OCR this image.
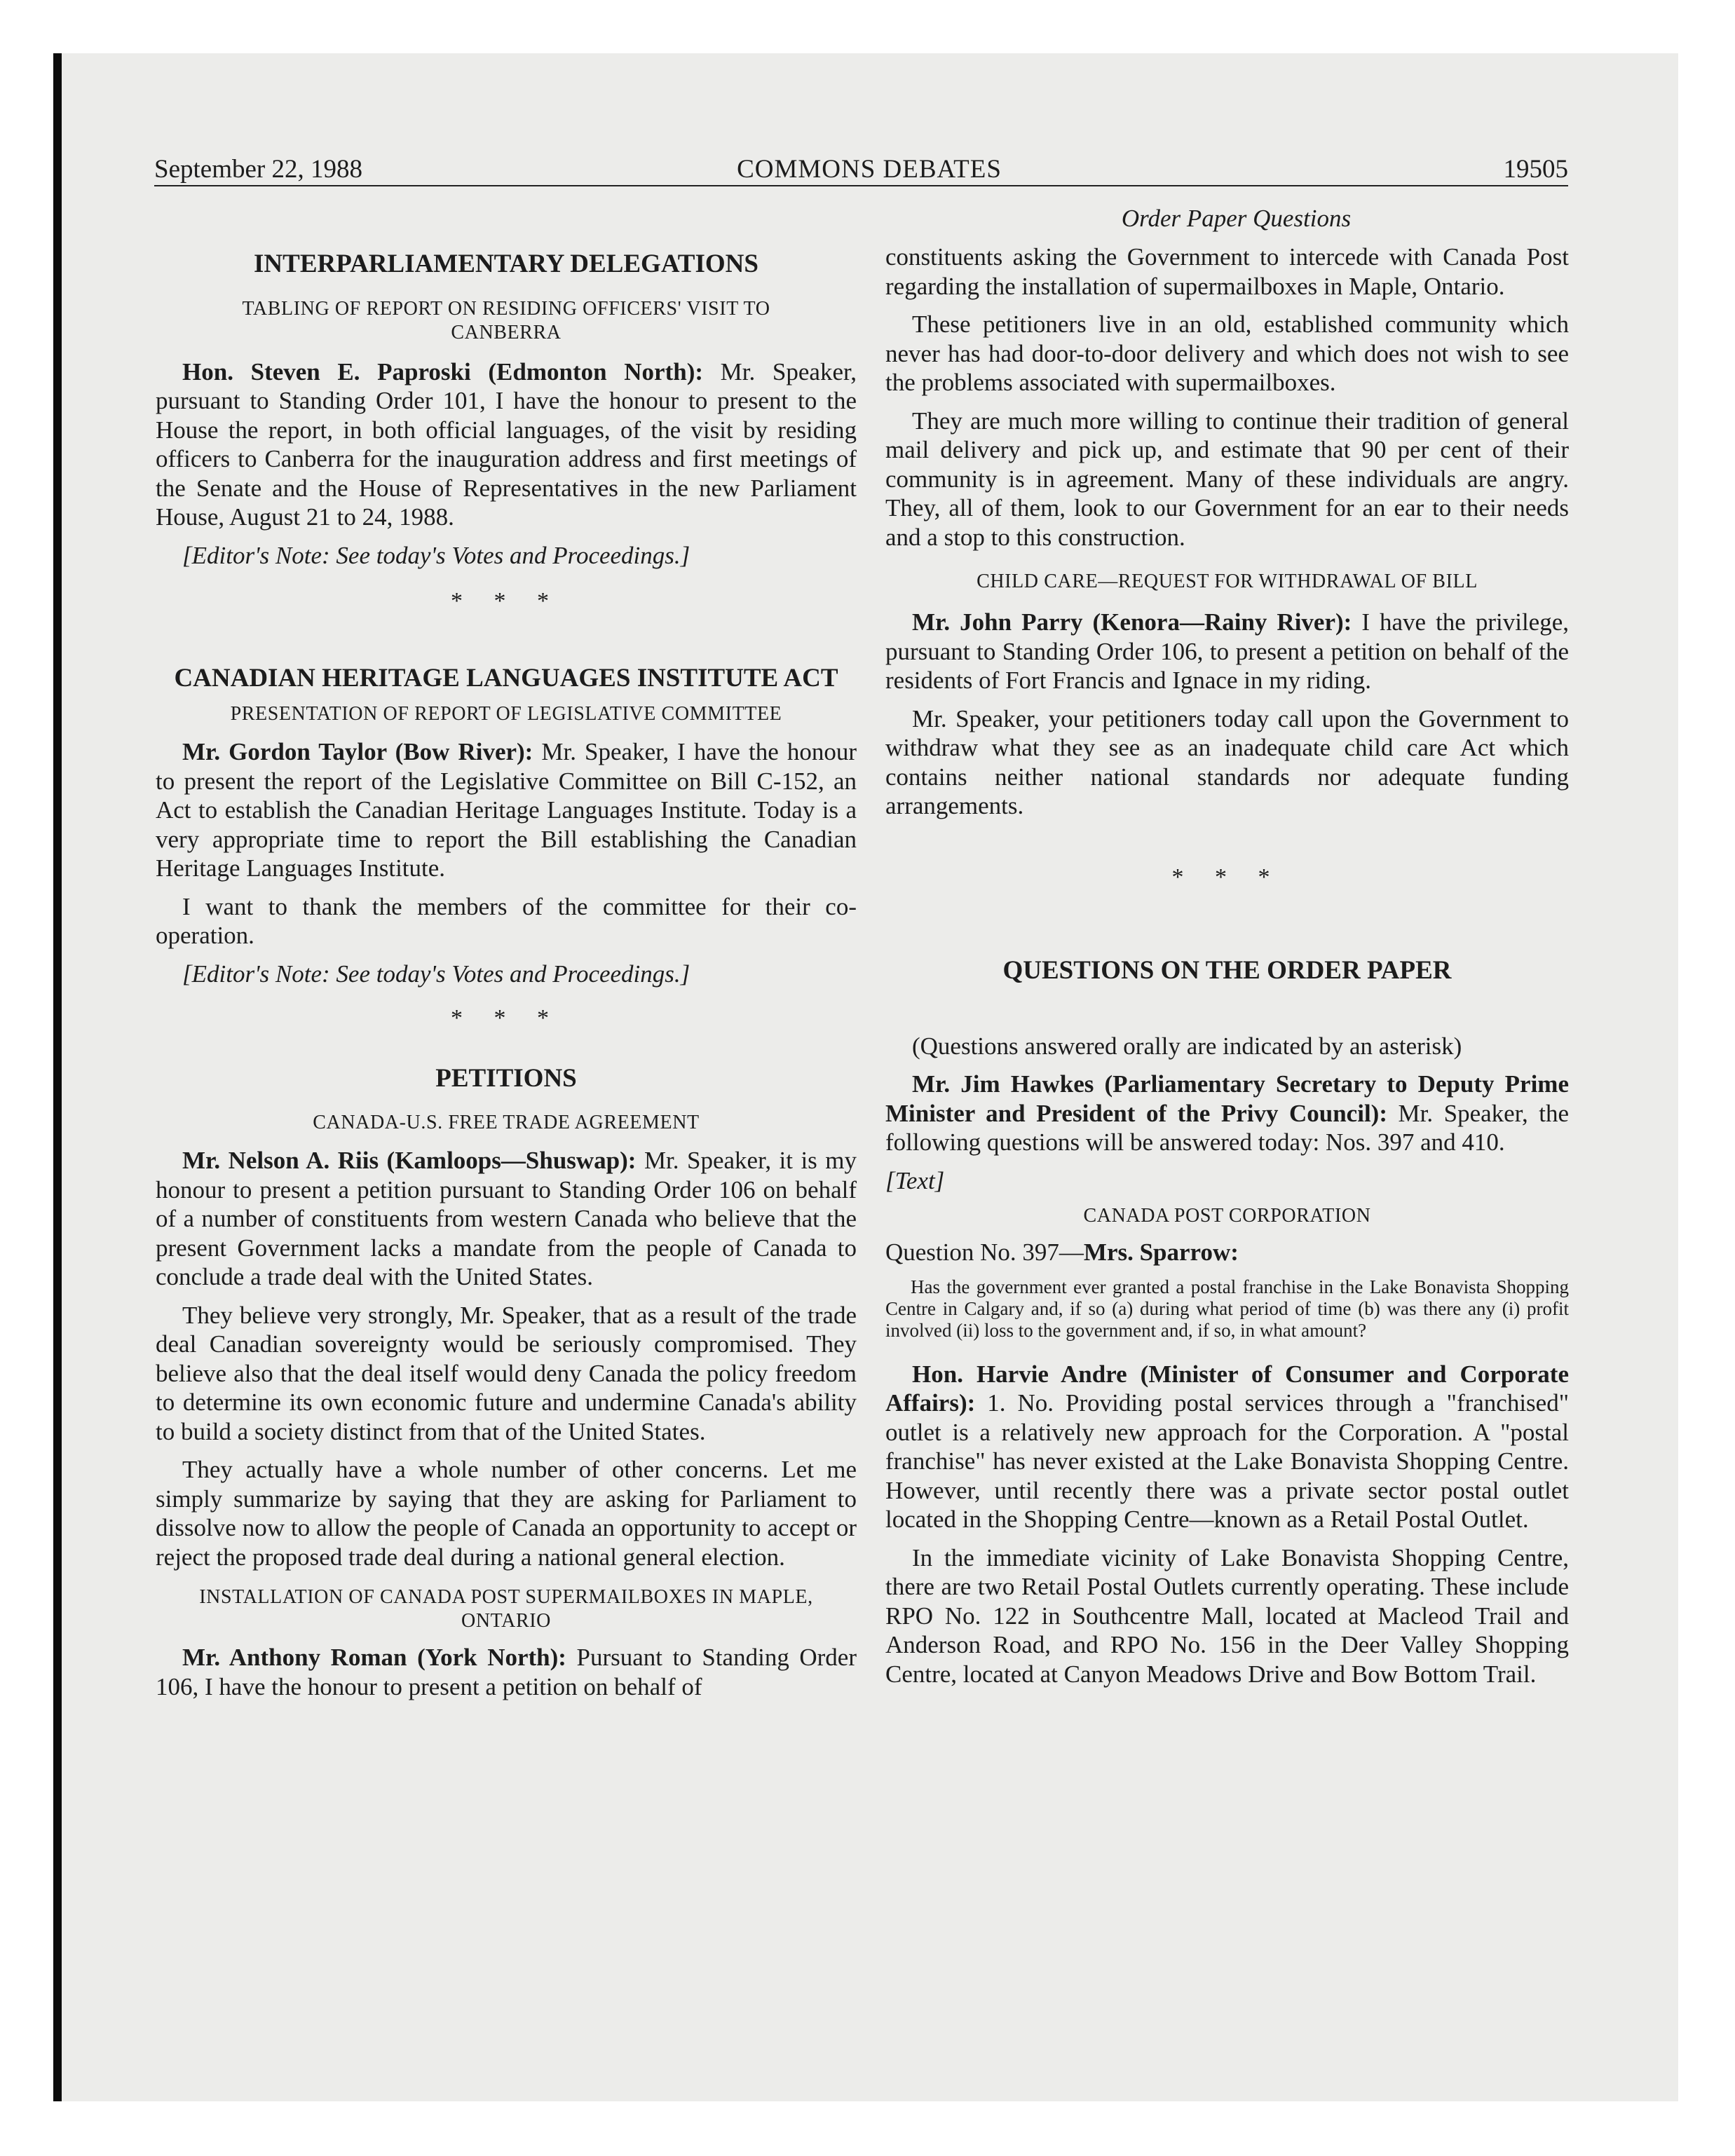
September 22, 1988	COMMONS DEBATES	19505
Order Paper Questions
INTERPARLIAMENTARY DELEGATIONS
TABLING OF REPORT ON RESIDING OFFICERS' VISIT TO CANBERRA

Hon. Steven E. Paproski (Edmonton North): Mr. Speaker, pursuant to Standing Order 101, I have the honour to present to the House the report, in both official languages, of the visit by residing officers to Canberra for the inauguration address and first meetings of the Senate and the House of Representatives in the new Parliament House, August 21 to 24, 1988.

[Editor's Note: See today's Votes and Proceedings.]

* * *
CANADIAN HERITAGE LANGUAGES INSTITUTE ACT
PRESENTATION OF REPORT OF LEGISLATIVE COMMITTEE

Mr. Gordon Taylor (Bow River): Mr. Speaker, I have the honour to present the report of the Legislative Committee on Bill C-152, an Act to establish the Canadian Heritage Languages Institute. Today is a very appropriate time to report the Bill establishing the Canadian Heritage Languages Institute.

I want to thank the members of the committee for their co-operation.

[Editor's Note: See today's Votes and Proceedings.]

* * *
PETITIONS
CANADA-U.S. FREE TRADE AGREEMENT

Mr. Nelson A. Riis (Kamloops—Shuswap): Mr. Speaker, it is my honour to present a petition pursuant to Standing Order 106 on behalf of a number of constituents from western Canada who believe that the present Government lacks a mandate from the people of Canada to conclude a trade deal with the United States.

They believe very strongly, Mr. Speaker, that as a result of the trade deal Canadian sovereignty would be seriously compromised. They believe also that the deal itself would deny Canada the policy freedom to determine its own economic future and undermine Canada's ability to build a society distinct from that of the United States.

They actually have a whole number of other concerns. Let me simply summarize by saying that they are asking for Parliament to dissolve now to allow the people of Canada an opportunity to accept or reject the proposed trade deal during a national general election.

INSTALLATION OF CANADA POST SUPERMAILBOXES IN MAPLE, ONTARIO

Mr. Anthony Roman (York North): Pursuant to Standing Order 106, I have the honour to present a petition on behalf of

constituents asking the Government to intercede with Canada Post regarding the installation of supermailboxes in Maple, Ontario.

These petitioners live in an old, established community which never has had door-to-door delivery and which does not wish to see the problems associated with supermailboxes.

They are much more willing to continue their tradition of general mail delivery and pick up, and estimate that 90 per cent of their community is in agreement. Many of these individuals are angry. They, all of them, look to our Government for an ear to their needs and a stop to this construction.

CHILD CARE—REQUEST FOR WITHDRAWAL OF BILL

Mr. John Parry (Kenora—Rainy River): I have the privilege, pursuant to Standing Order 106, to present a petition on behalf of the residents of Fort Francis and Ignace in my riding.

Mr. Speaker, your petitioners today call upon the Government to withdraw what they see as an inadequate child care Act which contains neither national standards nor adequate funding arrangements.

* * *
QUESTIONS ON THE ORDER PAPER

(Questions answered orally are indicated by an asterisk)

Mr. Jim Hawkes (Parliamentary Secretary to Deputy Prime Minister and President of the Privy Council): Mr. Speaker, the following questions will be answered today: Nos. 397 and 410.

[Text]

CANADA POST CORPORATION

Question No. 397—Mrs. Sparrow:

Has the government ever granted a postal franchise in the Lake Bonavista Shopping Centre in Calgary and, if so (a) during what period of time (b) was there any (i) profit involved (ii) loss to the government and, if so, in what amount?

Hon. Harvie Andre (Minister of Consumer and Corporate Affairs): 1. No. Providing postal services through a "franchised" outlet is a relatively new approach for the Corporation. A "postal franchise" has never existed at the Lake Bonavista Shopping Centre. However, until recently there was a private sector postal outlet located in the Shopping Centre—known as a Retail Postal Outlet.

In the immediate vicinity of Lake Bonavista Shopping Centre, there are two Retail Postal Outlets currently operating. These include RPO No. 122 in Southcentre Mall, located at Macleod Trail and Anderson Road, and RPO No. 156 in the Deer Valley Shopping Centre, located at Canyon Meadows Drive and Bow Bottom Trail.
